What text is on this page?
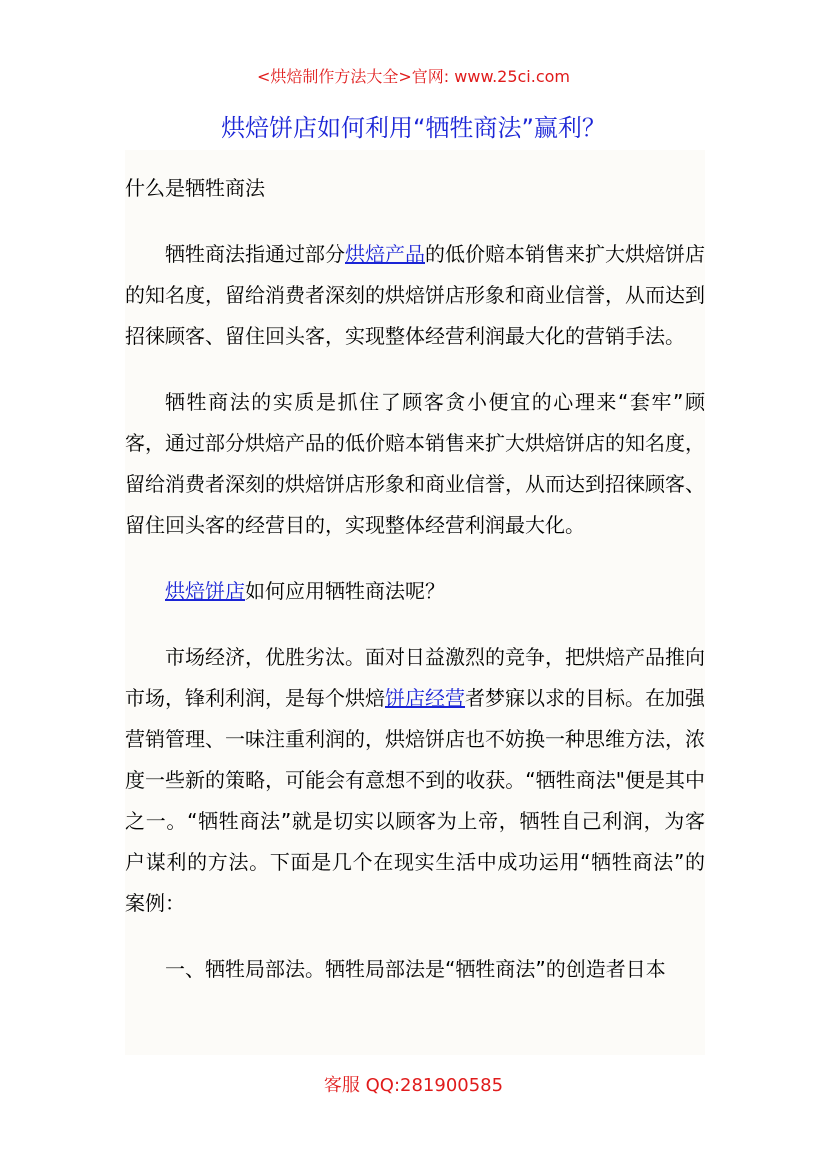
<烘焙制作方法大全>官网: www.25ci.com
烘焙饼店如何利用“牺牲商法”赢利？

什么是牺牲商法

牺牲商法指通过部分烘焙产品的低价赔本销售来扩大烘焙饼店的知名度，留给消费者深刻的烘焙饼店形象和商业信誉，从而达到招徕顾客、留住回头客，实现整体经营利润最大化的营销手法。

牺牲商法的实质是抓住了顾客贪小便宜的心理来“套牢”顾客，通过部分烘焙产品的低价赔本销售来扩大烘焙饼店的知名度，留给消费者深刻的烘焙饼店形象和商业信誉，从而达到招徕顾客、留住回头客的经营目的，实现整体经营利润最大化。

烘焙饼店如何应用牺牲商法呢？

市场经济，优胜劣汰。面对日益激烈的竞争，把烘焙产品推向市场，锋利利润，是每个烘焙饼店经营者梦寐以求的目标。在加强营销管理、一味注重利润的，烘焙饼店也不妨换一种思维方法，浓度一些新的策略，可能会有意想不到的收获。“牺牲商法"便是其中之一。“牺牲商法”就是切实以顾客为上帝，牺牲自己利润，为客户谋利的方法。下面是几个在现实生活中成功运用“牺牲商法”的案例：

一、牺牲局部法。牺牲局部法是“牺牲商法”的创造者日本

客服 QQ:281900585
